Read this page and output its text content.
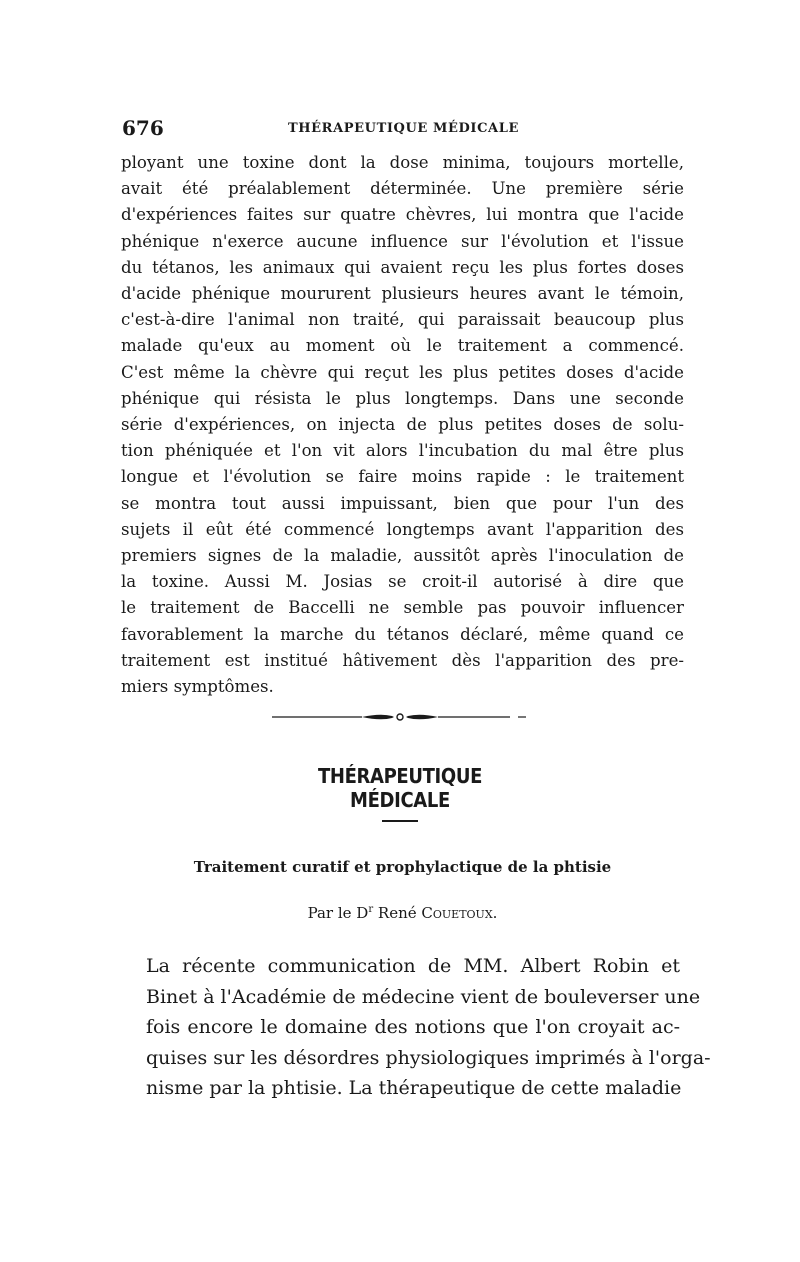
676	THÉRAPEUTIQUE MÉDICALE
ployant une toxine dont la dose minima, toujours mortelle,
avait été préalablement déterminée. Une première série
d'expériences faites sur quatre chèvres, lui montra que l'acide
phénique n'exerce aucune influence sur l'évolution et l'issue
du tétanos, les animaux qui avaient reçu les plus fortes doses
d'acide phénique moururent plusieurs heures avant le témoin,
c'est-à-dire l'animal non traité, qui paraissait beaucoup plus
malade qu'eux au moment où le traitement a commencé.
C'est même la chèvre qui reçut les plus petites doses d'acide
phénique qui résista le plus longtemps. Dans une seconde
série d'expériences, on injecta de plus petites doses de solu-
tion phéniquée et l'on vit alors l'incubation du mal être plus
longue et l'évolution se faire moins rapide : le traitement
se montra tout aussi impuissant, bien que pour l'un des
sujets il eût été commencé longtemps avant l'apparition des
premiers signes de la maladie, aussitôt après l'inoculation de
la toxine. Aussi M. Josias se croit-il autorisé à dire que
le traitement de Baccelli ne semble pas pouvoir influencer
favorablement la marche du tétanos déclaré, même quand ce
traitement est institué hâtivement dès l'apparition des pre-
miers symptômes.
THÉRAPEUTIQUE MÉDICALE
Traitement curatif et prophylactique de la phtisie
Par le $D^r$ René Couetoux.
La récente communication de MM. Albert Robin et
Binet à l'Académie de médecine vient de bouleverser une
fois encore le domaine des notions que l'on croyait ac-
quises sur les désordres physiologiques imprimés à l'orga-
nisme par la phtisie. La thérapeutique de cette maladie
